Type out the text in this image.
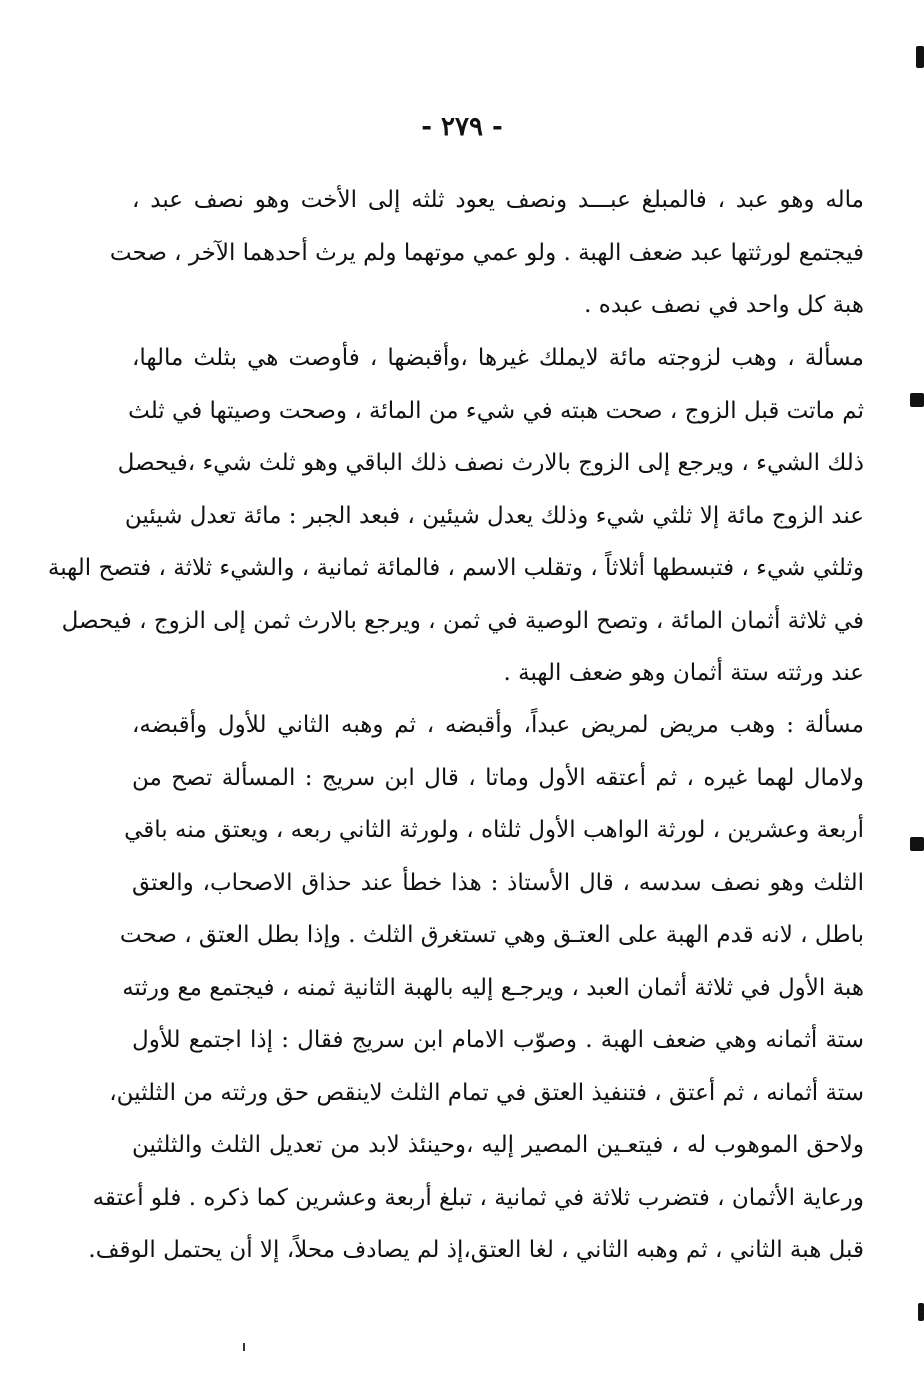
- ٢٧٩ -
ماله وهو عبد ، فالمبلغ عبـــد ونصف يعود ثلثه إلى الأخت وهو نصف عبد ،
فيجتمع لورثتها عبد ضعف الهبة . ولو عمي موتهما ولم يرث أحدهما الآخر ، صحت
هبة كل واحد في نصف عبده .
مسألة ، وهب لزوجته مائة لايملك غيرها ،وأقبضها ، فأوصت هي بثلث مالها،
ثم ماتت قبل الزوج ، صحت هبته في شيء من المائة ، وصحت وصيتها في ثلث
ذلك الشيء ، ويرجع إلى الزوج بالارث نصف ذلك الباقي وهو ثلث شيء ،فيحصل
عند الزوج مائة إلا ثلثي شيء وذلك يعدل شيئين ، فبعد الجبر : مائة تعدل شيئين
وثلثي شيء ، فتبسطها أثلاثاً ، وتقلب الاسم ، فالمائة ثمانية ، والشيء ثلاثة ، فتصح الهبة
في ثلاثة أثمان المائة ، وتصح الوصية في ثمن ، ويرجع بالارث ثمن إلى الزوج ، فيحصل
عند ورثته ستة أثمان وهو ضعف الهبة .
مسألة : وهب مريض لمريض عبداً، وأقبضه ، ثم وهبه الثاني للأول وأقبضه،
ولامال لهما غيره ، ثم أعتقه الأول وماتا ، قال ابن سريج : المسألة تصح من
أربعة وعشرين ، لورثة الواهب الأول ثلثاه ، ولورثة الثاني ربعه ، ويعتق منه باقي
الثلث وهو نصف سدسه ، قال الأستاذ : هذا خطأ عند حذاق الاصحاب، والعتق
باطل ، لانه قدم الهبة على العتـق وهي تستغرق الثلث . وإذا بطل العتق ، صحت
هبة الأول في ثلاثة أثمان العبد ، ويرجـع إليه بالهبة الثانية ثمنه ، فيجتمع مع ورثته
ستة أثمانه وهي ضعف الهبة . وصوّب الامام ابن سريج فقال : إذا اجتمع للأول
ستة أثمانه ، ثم أعتق ، فتنفيذ العتق في تمام الثلث لاينقص حق ورثته من الثلثين،
ولاحق الموهوب له ، فيتعـين المصير إليه ،وحينئذ لابد من تعديل الثلث والثلثين
ورعاية الأثمان ، فتضرب ثلاثة في ثمانية ، تبلغ أربعة وعشرين كما ذكره . فلو أعتقه
قبل هبة الثاني ، ثم وهبه الثاني ، لغا العتق،إذ لم يصادف محلاً، إلا أن يحتمل الوقف.
